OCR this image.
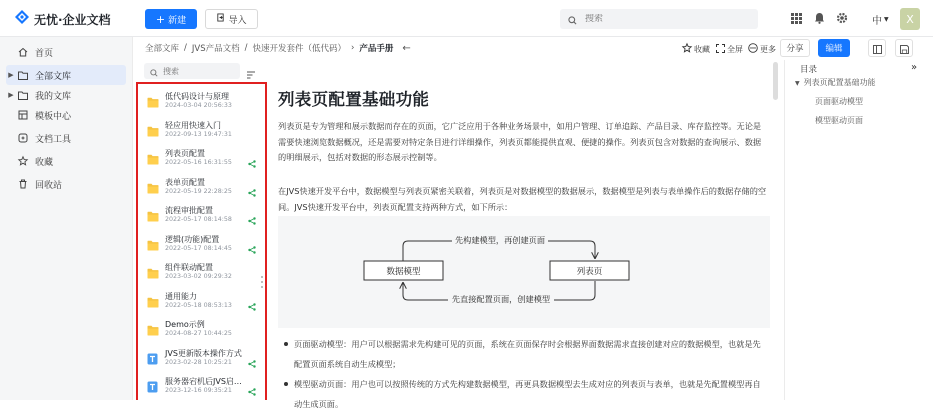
无忧·企业文档	+ 新建	导入
搜索	中 ▼	X
首页
▶ 全部文库
▶ 我的文库
模板中心
文档工具
收藏
回收站
全部文库 / JVS产品文档 / 快速开发套件（低代码） › 产品手册 ←	收藏 全屏 更多	分享	编辑
搜索
低代码设计与原理
2024-03-04 20:56:33
轻应用快速入门
2022-09-13 19:47:31
列表页配置
2022-05-16 16:31:55
表单页配置
2022-05-19 22:28:25
流程审批配置
2022-05-17 08:14:58
逻辑(功能)配置
2022-05-17 08:14:45
组件联动配置
2023-03-02 09:29:32
通用能力
2022-05-18 08:53:13
Demo示例
2024-08-27 10:44:25
JVS更新版本操作方式
2023-02-28 10:25:21
服务器宕机后JVS启…
2023-12-16 09:35:21
列表页配置基础功能

列表页是专为管理和展示数据而存在的页面，它广泛应用于各种业务场景中，如用户管理、订单追踪、产品目录、库存监控等。无论是需要快速浏览数据概况，还是需要对特定条目进行详细操作，列表页都能提供直观、便捷的操作。列表页包含对数据的查询展示、数据的明细展示，包括对数据的形态展示控制等。

在JVS快速开发平台中，数据模型与列表页紧密关联着，列表页是对数据模型的数据展示，数据模型是列表与表单操作后的数据存储的空间。JVS快速开发平台中，列表页配置支持两种方式，如下所示：

数据模型	列表页
先构建模型，再创建页面
先直接配置页面，创建模型
页面驱动模型：用户可以根据需求先构建可见的页面，系统在页面保存时会根据界面数据需求直接创建对应的数据模型，也就是先配置页面系统自动生成模型；
模型驱动页面：用户也可以按照传统的方式先构建数据模型，再更具数据模型去生成对应的列表页与表单，也就是先配置模型再自动生成页面。
目录	»
▼ 列表页配置基础功能
页面驱动模型
模型驱动页面
